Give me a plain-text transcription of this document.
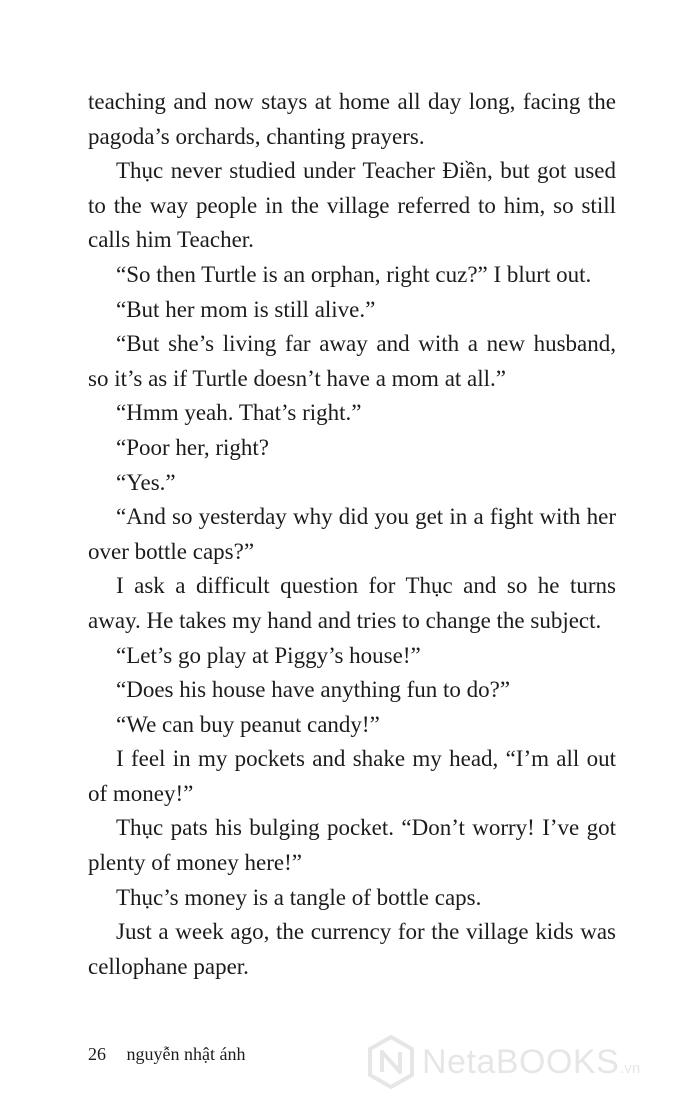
teaching and now stays at home all day long, facing the pagoda’s orchards, chanting prayers.

Thục never studied under Teacher Điền, but got used to the way people in the village referred to him, so still calls him Teacher.

“So then Turtle is an orphan, right cuz?” I blurt out.

“But her mom is still alive.”

“But she’s living far away and with a new husband, so it’s as if Turtle doesn’t have a mom at all.”

“Hmm yeah. That’s right.”

“Poor her, right?

“Yes.”

“And so yesterday why did you get in a fight with her over bottle caps?”

I ask a difficult question for Thục and so he turns away. He takes my hand and tries to change the subject.

“Let’s go play at Piggy’s house!”

“Does his house have anything fun to do?”

“We can buy peanut candy!”

I feel in my pockets and shake my head, “I’m all out of money!”

Thục pats his bulging pocket. “Don’t worry! I’ve got plenty of money here!”

Thục’s money is a tangle of bottle caps.

Just a week ago, the currency for the village kids was cellophane paper.

26 nguyễn nhật ánh	NetaBOOKS .vn
